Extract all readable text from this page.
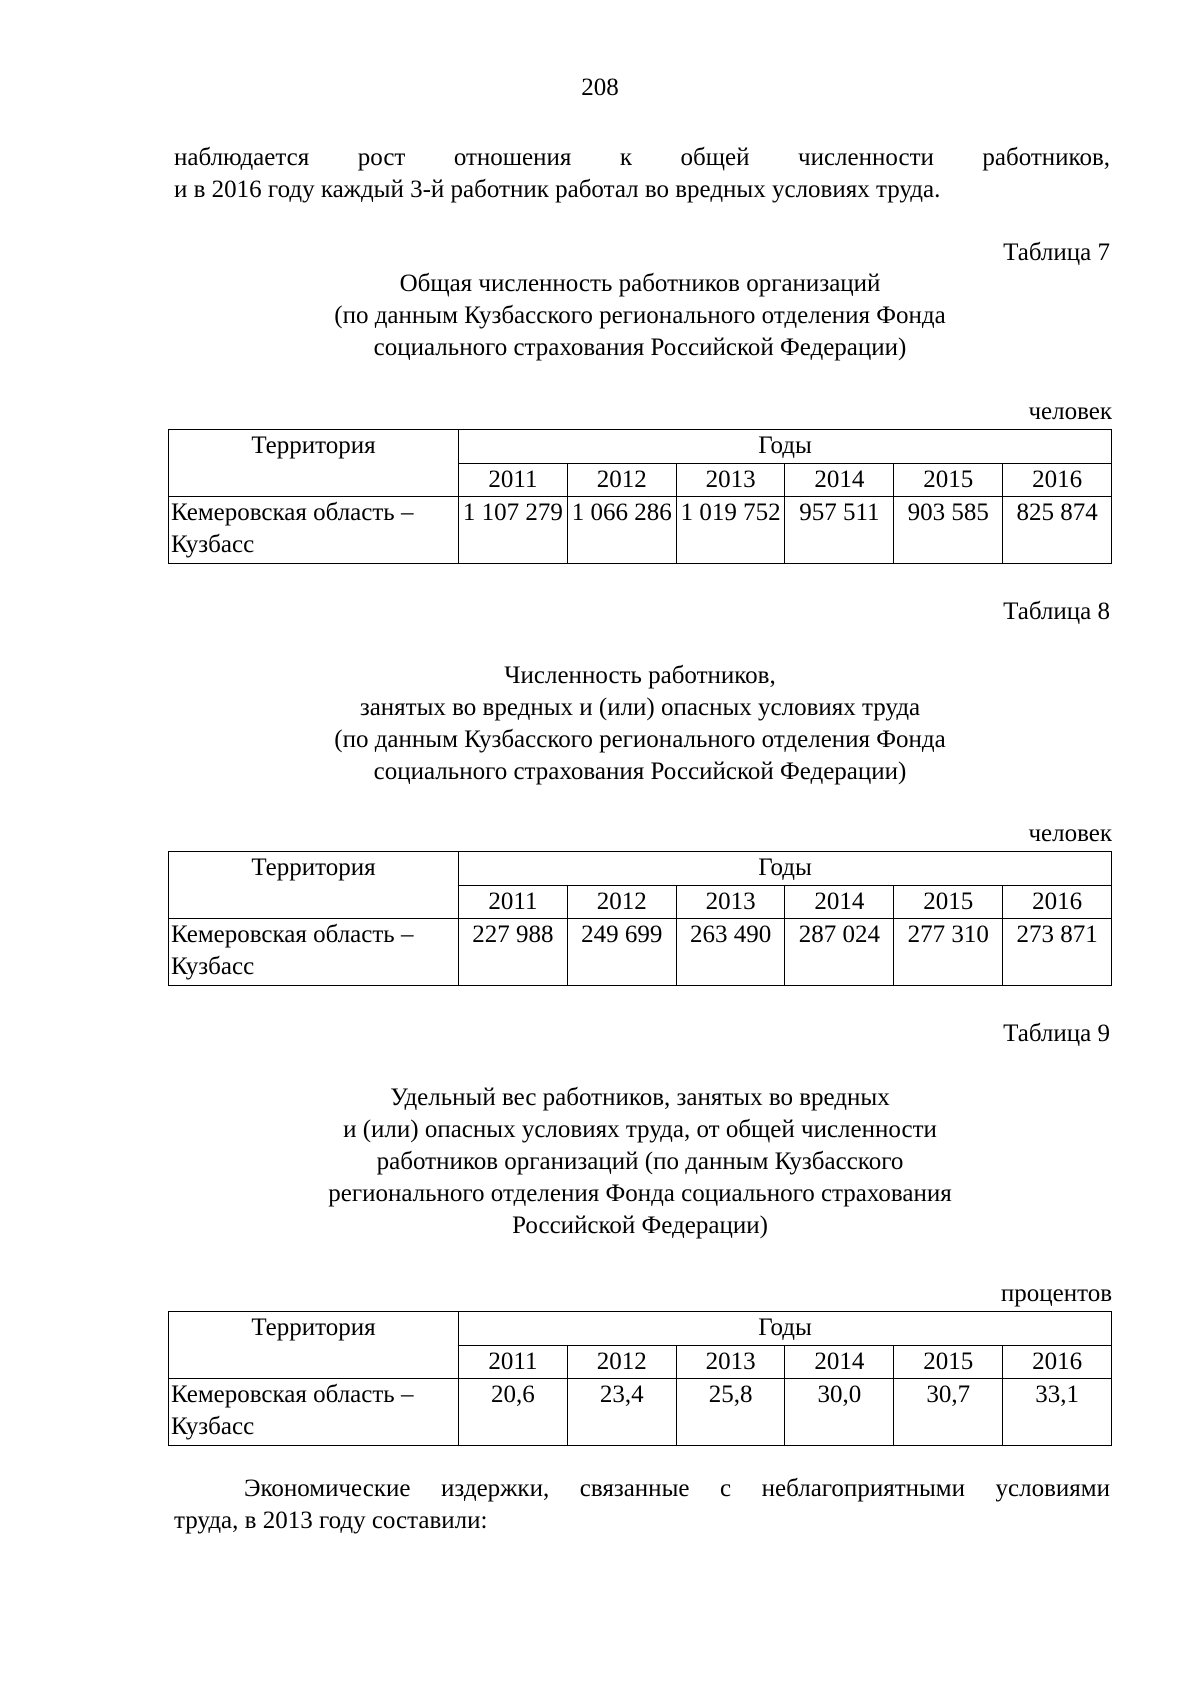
208
наблюдается рост отношения к общей численности работников,
и в 2016 году каждый 3-й работник работал во вредных условиях труда.
Таблица 7
Общая численность работников организаций
(по данным Кузбасского регионального отделения Фонда
социального страхования Российской Федерации)
человек
Территория	Годы					
	2011	2012	2013	2014	2015	2016
Кемеровская область – Кузбасс	1 107 279	1 066 286	1 019 752	957 511	903 585	825 874
Таблица 8
Численность работников,
занятых во вредных и (или) опасных условиях труда
(по данным Кузбасского регионального отделения Фонда
социального страхования Российской Федерации)
человек
Территория	Годы					
	2011	2012	2013	2014	2015	2016
Кемеровская область – Кузбасс	227 988	249 699	263 490	287 024	277 310	273 871
Таблица 9
Удельный вес работников, занятых во вредных
и (или) опасных условиях труда, от общей численности
работников организаций (по данным Кузбасского
регионального отделения Фонда социального страхования
Российской Федерации)
процентов
Территория	Годы					
	2011	2012	2013	2014	2015	2016
Кемеровская область – Кузбасс	20,6	23,4	25,8	30,0	30,7	33,1
Экономические издержки, связанные с неблагоприятными условиями
труда, в 2013 году составили:
